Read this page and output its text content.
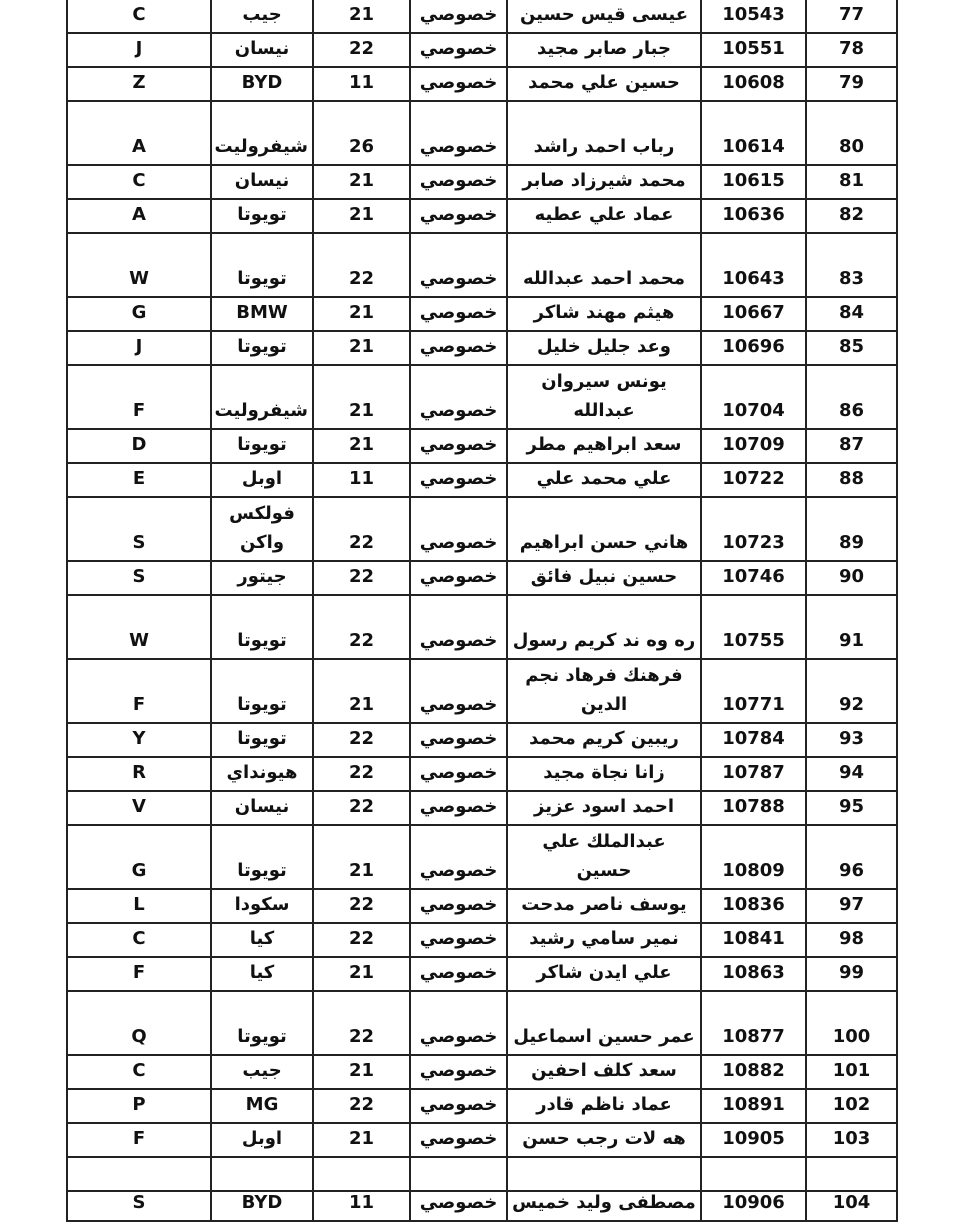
C	جيب	21	خصوصي	عيسى قيس حسين	10543	77
J	نيسان	22	خصوصي	جبار صابر مجيد	10551	78
Z	BYD	11	خصوصي	حسين علي محمد	10608	79
A	شيفروليت	26	خصوصي	رباب احمد راشد	10614	80
C	نيسان	21	خصوصي	محمد شيرزاد صابر	10615	81
A	تويوتا	21	خصوصي	عماد علي عطيه	10636	82
W	تويوتا	22	خصوصي	محمد احمد عبدالله	10643	83
G	BMW	21	خصوصي	هيثم مهند شاكر	10667	84
J	تويوتا	21	خصوصي	وعد جليل خليل	10696	85
F	شيفروليت	21	خصوصي	يونس سيروان عبدالله	10704	86
D	تويوتا	21	خصوصي	سعد ابراهيم مطر	10709	87
E	اوبل	11	خصوصي	علي محمد علي	10722	88
S	فولكس واكن	22	خصوصي	هاني حسن ابراهيم	10723	89
S	جيتور	22	خصوصي	حسين نبيل فائق	10746	90
W	تويوتا	22	خصوصي	ره وه ند كريم رسول	10755	91
F	تويوتا	21	خصوصي	فرهنك فرهاد نجم الدين	10771	92
Y	تويوتا	22	خصوصي	ريبين كريم محمد	10784	93
R	هيونداي	22	خصوصي	زانا نجاة مجيد	10787	94
V	نيسان	22	خصوصي	احمد اسود عزيز	10788	95
G	تويوتا	21	خصوصي	عبدالملك علي حسين	10809	96
L	سكودا	22	خصوصي	يوسف ناصر مدحت	10836	97
C	كيا	22	خصوصي	نمير سامي رشيد	10841	98
F	كيا	21	خصوصي	علي ايدن شاكر	10863	99
Q	تويوتا	22	خصوصي	عمر حسين اسماعيل	10877	100
C	جيب	21	خصوصي	سعد كلف احفين	10882	101
P	MG	22	خصوصي	عماد ناظم قادر	10891	102
F	اوبل	21	خصوصي	هه لات رجب حسن	10905	103
S	BYD	11	خصوصي	مصطفى وليد خميس	10906	104
